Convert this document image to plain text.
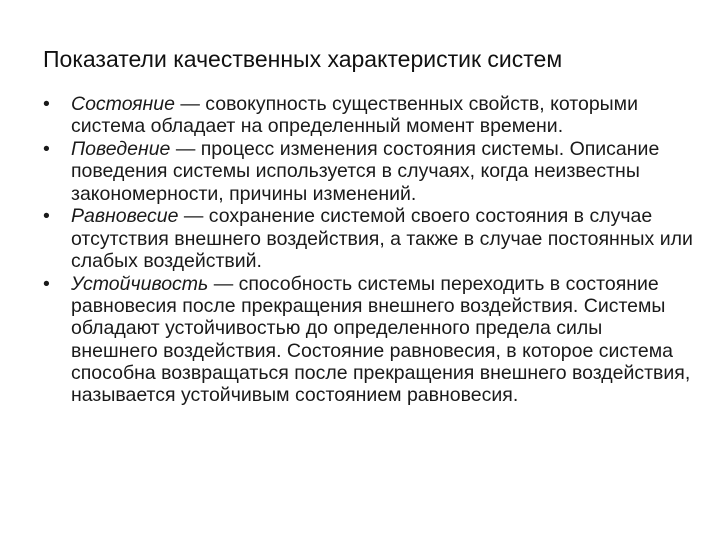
Показатели качественных характеристик систем
•	Состояние — совокупность существенных свойств, которыми система обладает на определенный момент времени.
•	Поведение — процесс изменения состояния системы. Описание поведения системы используется в случаях, когда неизвестны закономерности, причины изменений.
•	Равновесие — сохранение системой своего состояния в случае отсутствия внешнего воздействия, а также в случае постоянных или слабых воздействий.
•	Устойчивость — способность системы переходить в состояние равновесия после прекращения внешнего воздействия. Системы обладают устойчивостью до определенного предела силы внешнего воздействия. Состояние равновесия, в которое система способна возвращаться после прекращения внешнего воздействия, называется устойчивым состоянием равновесия.
